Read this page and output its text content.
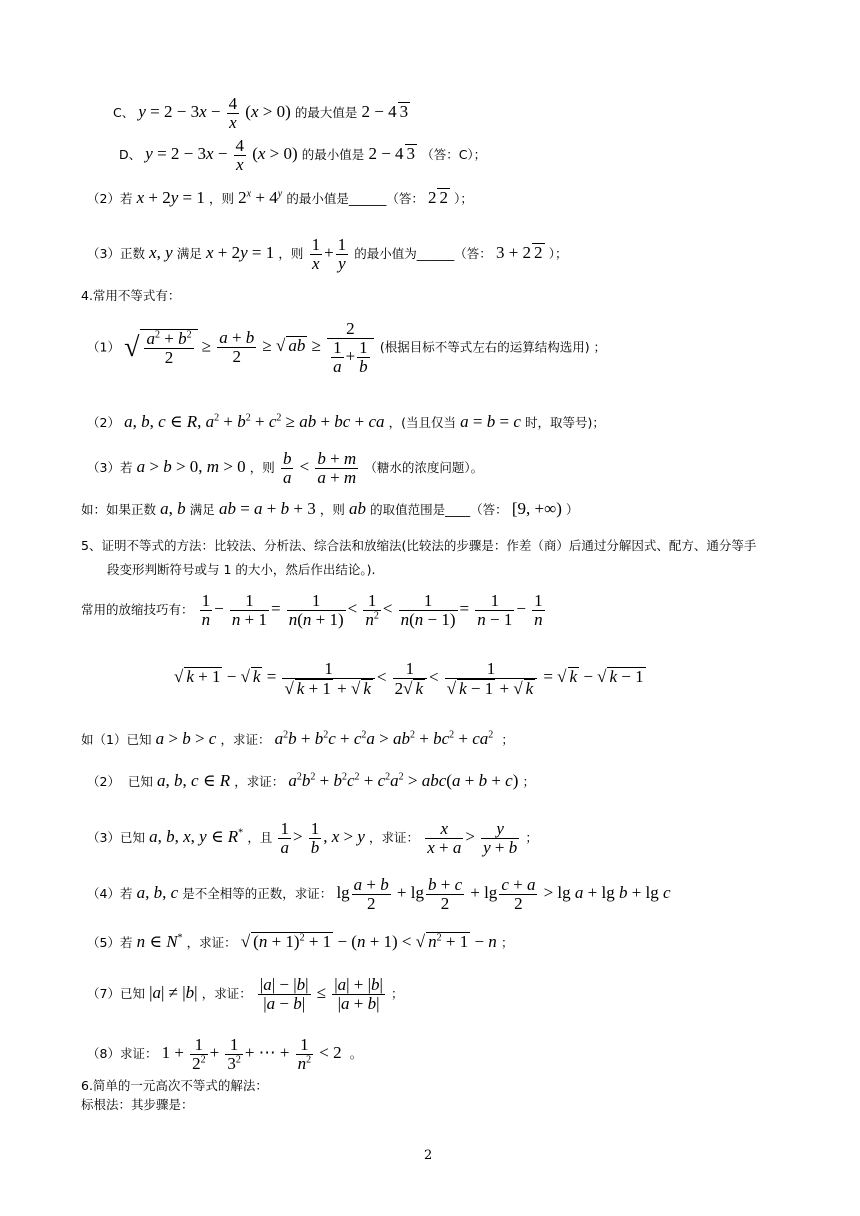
C、 $y = 2 - 3x - \frac{4}{x} (x > 0)$ 的最大值是 2 − 4 3
D、 $y = 2 - 3x - \frac{4}{x} (x > 0)$ 的最小值是 2 − 4 3 （答：C）；
（2）若 x + 2y = 1 ，则 $2^x + 4^y$ 的最小值是______（答： 2 2 ）；
（3）正数 x, y 满足 x + 2y = 1 ，则 $\frac{1}{x} + \frac{1}{y}$ 的最小值为______（答： 3 + 2 2 ）；
4.常用不等式有：
（1） √ $\frac{a^2 + b^2}{2} \ge \frac{a + b}{2}$ ≥ √ ab ≥ $\frac{2}{\frac{1}{a} + \frac{1}{b}}$ (根据目标不等式左右的运算结构选用) ；
（2） a, b, c ∈ R, $a^2 + b^2 + c^2$ ≥ ab + bc + ca ，(当且仅当 a = b = c 时，取等号)；
（3）若 a > b > 0, m > 0 ，则 $\frac{b}{a} < \frac{b + m}{a + m}$ （糖水的浓度问题）。
如：如果正数 a, b 满足 ab = a + b + 3 ，则 ab 的取值范围是____（答： [9, +∞) ）
5、证明不等式的方法：比较法、分析法、综合法和放缩法(比较法的步骤是：作差（商）后通过分解因式、配方、通分等手
段变形判断符号或与 1 的大小，然后作出结论。).
常用的放缩技巧有： $\frac{1}{n} - \frac{1}{n + 1} = \frac{1}{n(n + 1)} < \frac{1}{n^2} < \frac{1}{n(n - 1)} = \frac{1}{n - 1} - \frac{1}{n}$
√ k + 1 − √ $k = \frac{1}{√ k + 1 + √ k} < \frac{1}{2√ k} < \frac{1}{√ k - 1 + √ k}$ = √ k − √ k − 1
如（1）已知 a > b > c ，求证： $a^2b + b^2c + c^2a > ab^2 + bc^2 + ca^2$  ；
（2）  已知 a, b, c ∈ R ，求证： $a^2b^2 + b^2c^2 + c^2a^2 > abc(a + b + c)$ ；
（3）已知 a, b, x, y ∈ R* ，且 $\frac{1}{a} > \frac{1}{b}$ , x > y ，求证： $\frac{x}{x + a} > \frac{y}{y + b}$ ；
（4）若 a, b, c 是不全相等的正数，求证： $\lg \frac{a + b}{2} + \lg \frac{b + c}{2} + \lg \frac{c + a}{2} > \lg a + \lg b + \lg c$
（5）若 n ∈ N* ，求证： √ $(n + 1)^2 + 1 - (n + 1)$ < √ $n^2 + 1 - n$ ；
（7）已知 |a| ≠ |b| ，求证： $\frac{|a| - |b|}{|a - b|} \le \frac{|a| + |b|}{|a + b|}$ ；
（8）求证： $1 + \frac{1}{2^2} + \frac{1}{3^2}$ + ⋯ + $\frac{1}{n^2} < 2$  。
6.简单的一元高次不等式的解法：
标根法：其步骤是：
2
